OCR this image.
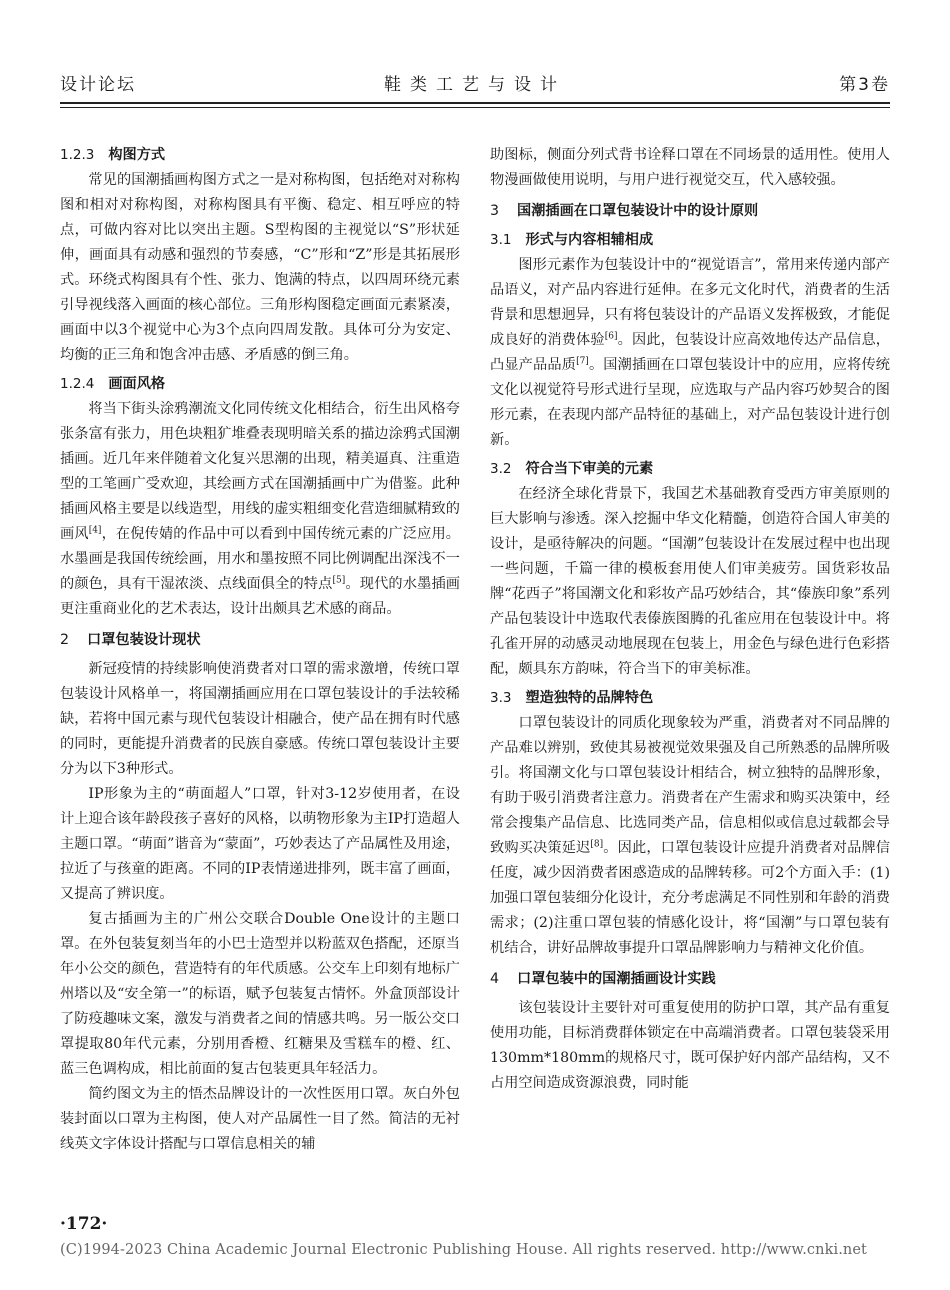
设计论坛	鞋类工艺与设计	第3卷
1.2.3 构图方式

常见的国潮插画构图方式之一是对称构图，包括绝对对称构图和相对对称构图，对称构图具有平衡、稳定、相互呼应的特点，可做内容对比以突出主题。S型构图的主视觉以“S”形状延伸，画面具有动感和强烈的节奏感，“C”形和“Z”形是其拓展形式。环绕式构图具有个性、张力、饱满的特点，以四周环绕元素引导视线落入画面的核心部位。三角形构图稳定画面元素紧凑，画面中以3个视觉中心为3个点向四周发散。具体可分为安定、均衡的正三角和饱含冲击感、矛盾感的倒三角。

1.2.4 画面风格

将当下街头涂鸦潮流文化同传统文化相结合，衍生出风格夸张条富有张力，用色块粗犷堆叠表现明暗关系的描边涂鸦式国潮插画。近几年来伴随着文化复兴思潮的出现，精美逼真、注重造型的工笔画广受欢迎，其绘画方式在国潮插画中广为借鉴。此种插画风格主要是以线造型，用线的虚实粗细变化营造细腻精致的画风[4]，在倪传婧的作品中可以看到中国传统元素的广泛应用。水墨画是我国传统绘画，用水和墨按照不同比例调配出深浅不一的颜色，具有干湿浓淡、点线面俱全的特点[5]。现代的水墨插画更注重商业化的艺术表达，设计出颇具艺术感的商品。

2 口罩包装设计现状

新冠疫情的持续影响使消费者对口罩的需求激增，传统口罩包装设计风格单一，将国潮插画应用在口罩包装设计的手法较稀缺，若将中国元素与现代包装设计相融合，使产品在拥有时代感的同时，更能提升消费者的民族自豪感。传统口罩包装设计主要分为以下3种形式。

IP形象为主的“萌面超人”口罩，针对3-12岁使用者，在设计上迎合该年龄段孩子喜好的风格，以萌物形象为主IP打造超人主题口罩。“萌面”谐音为“蒙面”，巧妙表达了产品属性及用途，拉近了与孩童的距离。不同的IP表情递进排列，既丰富了画面，又提高了辨识度。

复古插画为主的广州公交联合Double One设计的主题口罩。在外包装复刻当年的小巴士造型并以粉蓝双色搭配，还原当年小公交的颜色，营造特有的年代质感。公交车上印刻有地标广州塔以及“安全第一”的标语，赋予包装复古情怀。外盒顶部设计了防疫趣味文案，激发与消费者之间的情感共鸣。另一版公交口罩提取80年代元素，分别用香橙、红糖果及雪糕车的橙、红、蓝三色调构成，相比前面的复古包装更具年轻活力。

简约图文为主的悟杰品牌设计的一次性医用口罩。灰白外包装封面以口罩为主构图，使人对产品属性一目了然。简洁的无衬线英文字体设计搭配与口罩信息相关的辅

助图标，侧面分列式背书诠释口罩在不同场景的适用性。使用人物漫画做使用说明，与用户进行视觉交互，代入感较强。

3 国潮插画在口罩包装设计中的设计原则
3.1 形式与内容相辅相成

图形元素作为包装设计中的“视觉语言”，常用来传递内部产品语义，对产品内容进行延伸。在多元文化时代，消费者的生活背景和思想迥异，只有将包装设计的产品语义发挥极致，才能促成良好的消费体验[6]。因此，包装设计应高效地传达产品信息，凸显产品品质[7]。国潮插画在口罩包装设计中的应用，应将传统文化以视觉符号形式进行呈现，应选取与产品内容巧妙契合的图形元素，在表现内部产品特征的基础上，对产品包装设计进行创新。

3.2 符合当下审美的元素

在经济全球化背景下，我国艺术基础教育受西方审美原则的巨大影响与渗透。深入挖掘中华文化精髓，创造符合国人审美的设计，是亟待解决的问题。“国潮”包装设计在发展过程中也出现一些问题，千篇一律的模板套用使人们审美疲劳。国货彩妆品牌“花西子”将国潮文化和彩妆产品巧妙结合，其“傣族印象”系列产品包装设计中选取代表傣族图腾的孔雀应用在包装设计中。将孔雀开屏的动感灵动地展现在包装上，用金色与绿色进行色彩搭配，颇具东方韵味，符合当下的审美标准。

3.3 塑造独特的品牌特色

口罩包装设计的同质化现象较为严重，消费者对不同品牌的产品难以辨别，致使其易被视觉效果强及自己所熟悉的品牌所吸引。将国潮文化与口罩包装设计相结合，树立独特的品牌形象，有助于吸引消费者注意力。消费者在产生需求和购买决策中，经常会搜集产品信息、比选同类产品，信息相似或信息过载都会导致购买决策延迟[8]。因此，口罩包装设计应提升消费者对品牌信任度，减少因消费者困惑造成的品牌转移。可2个方面入手：(1)加强口罩包装细分化设计，充分考虑满足不同性别和年龄的消费需求；(2)注重口罩包装的情感化设计，将“国潮”与口罩包装有机结合，讲好品牌故事提升口罩品牌影响力与精神文化价值。

4 口罩包装中的国潮插画设计实践

该包装设计主要针对可重复使用的防护口罩，其产品有重复使用功能，目标消费群体锁定在中高端消费者。口罩包装袋采用130mm*180mm的规格尺寸，既可保护好内部产品结构，又不占用空间造成资源浪费，同时能

·172·
(C)1994-2023 China Academic Journal Electronic Publishing House. All rights reserved. http://www.cnki.net
